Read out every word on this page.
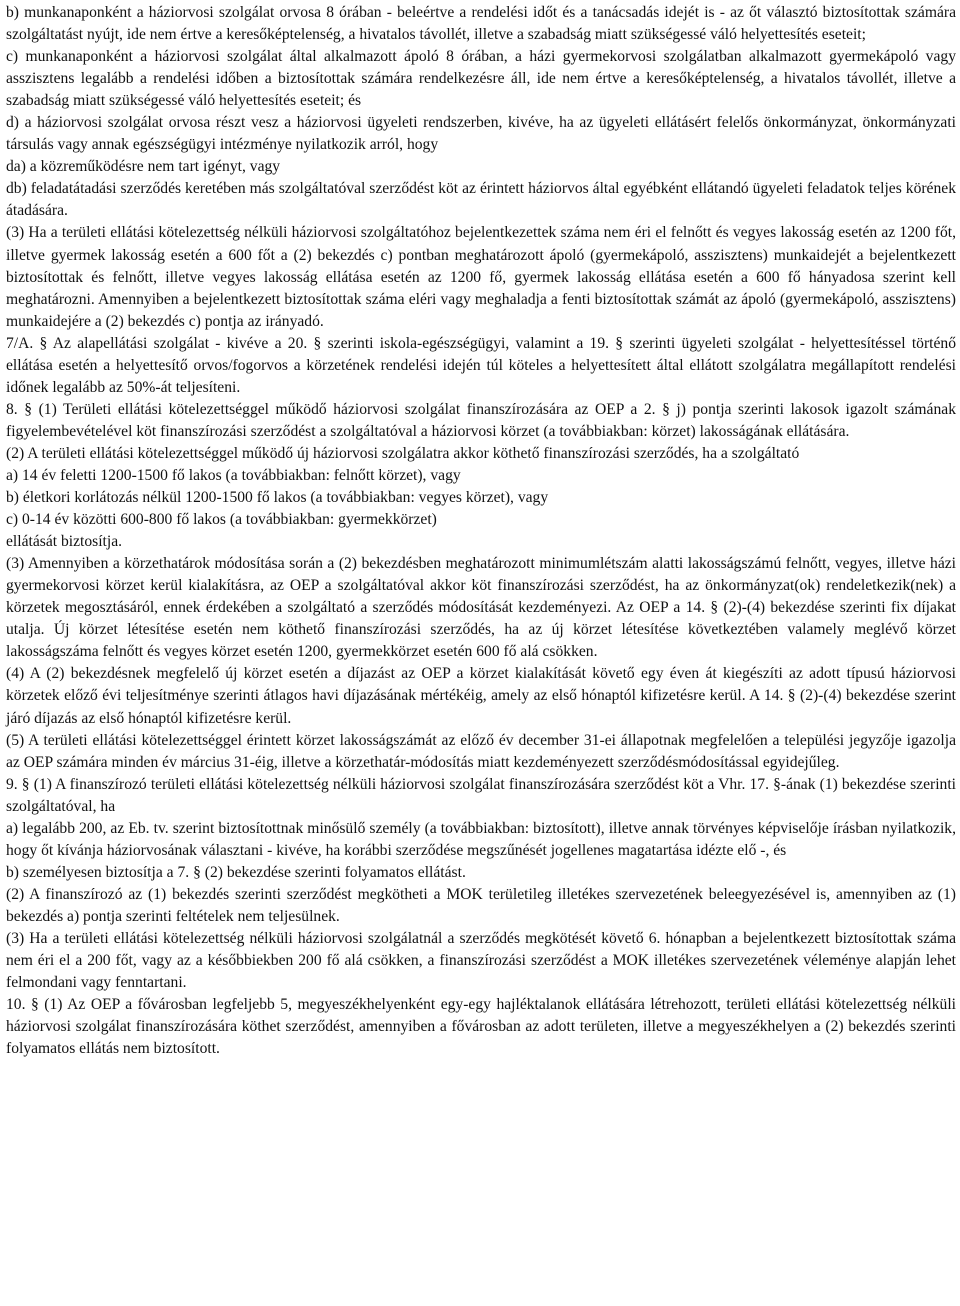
b) munkanaponként a háziorvosi szolgálat orvosa 8 órában - beleértve a rendelési időt és a tanácsadás idejét is - az őt választó biztosítottak számára szolgáltatást nyújt, ide nem értve a keresőképtelenség, a hivatalos távollét, illetve a szabadság miatt szükségessé váló helyettesítés eseteit;

c) munkanaponként a háziorvosi szolgálat által alkalmazott ápoló 8 órában, a házi gyermekorvosi szolgálatban alkalmazott gyermekápoló vagy asszisztens legalább a rendelési időben a biztosítottak számára rendelkezésre áll, ide nem értve a keresőképtelenség, a hivatalos távollét, illetve a szabadság miatt szükségessé váló helyettesítés eseteit; és

d) a háziorvosi szolgálat orvosa részt vesz a háziorvosi ügyeleti rendszerben, kivéve, ha az ügyeleti ellátásért felelős önkormányzat, önkormányzati társulás vagy annak egészségügyi intézménye nyilatkozik arról, hogy

da) a közreműködésre nem tart igényt, vagy

db) feladatátadási szerződés keretében más szolgáltatóval szerződést köt az érintett háziorvos által egyébként ellátandó ügyeleti feladatok teljes körének átadására.

(3) Ha a területi ellátási kötelezettség nélküli háziorvosi szolgáltatóhoz bejelentkezettek száma nem éri el felnőtt és vegyes lakosság esetén az 1200 főt, illetve gyermek lakosság esetén a 600 főt a (2) bekezdés c) pontban meghatározott ápoló (gyermekápoló, asszisztens) munkaidejét a bejelentkezett biztosítottak és felnőtt, illetve vegyes lakosság ellátása esetén az 1200 fő, gyermek lakosság ellátása esetén a 600 fő hányadosa szerint kell meghatározni. Amennyiben a bejelentkezett biztosítottak száma eléri vagy meghaladja a fenti biztosítottak számát az ápoló (gyermekápoló, asszisztens) munkaidejére a (2) bekezdés c) pontja az irányadó.

7/A. § Az alapellátási szolgálat - kivéve a 20. § szerinti iskola-egészségügyi, valamint a 19. § szerinti ügyeleti szolgálat - helyettesítéssel történő ellátása esetén a helyettesítő orvos/fogorvos a körzetének rendelési idején túl köteles a helyettesített által ellátott szolgálatra megállapított rendelési időnek legalább az 50%-át teljesíteni.

8. § (1) Területi ellátási kötelezettséggel működő háziorvosi szolgálat finanszírozására az OEP a 2. § j) pontja szerinti lakosok igazolt számának figyelembevételével köt finanszírozási szerződést a szolgáltatóval a háziorvosi körzet (a továbbiakban: körzet) lakosságának ellátására.

(2) A területi ellátási kötelezettséggel működő új háziorvosi szolgálatra akkor köthető finanszírozási szerződés, ha a szolgáltató

a) 14 év feletti 1200-1500 fő lakos (a továbbiakban: felnőtt körzet), vagy

b) életkori korlátozás nélkül 1200-1500 fő lakos (a továbbiakban: vegyes körzet), vagy

c) 0-14 év közötti 600-800 fő lakos (a továbbiakban: gyermekkörzet)

ellátását biztosítja.

(3) Amennyiben a körzethatárok módosítása során a (2) bekezdésben meghatározott minimumlétszám alatti lakosságszámú felnőtt, vegyes, illetve házi gyermekorvosi körzet kerül kialakításra, az OEP a szolgáltatóval akkor köt finanszírozási szerződést, ha az önkormányzat(ok) rendeletkezik(nek) a körzetek megosztásáról, ennek érdekében a szolgáltató a szerződés módosítását kezdeményezi. Az OEP a 14. § (2)-(4) bekezdése szerinti fix díjakat utalja. Új körzet létesítése esetén nem köthető finanszírozási szerződés, ha az új körzet létesítése következtében valamely meglévő körzet lakosságszáma felnőtt és vegyes körzet esetén 1200, gyermekkörzet esetén 600 fő alá csökken.

(4) A (2) bekezdésnek megfelelő új körzet esetén a díjazást az OEP a körzet kialakítását követő egy éven át kiegészíti az adott típusú háziorvosi körzetek előző évi teljesítménye szerinti átlagos havi díjazásának mértékéig, amely az első hónaptól kifizetésre kerül. A 14. § (2)-(4) bekezdése szerint járó díjazás az első hónaptól kifizetésre kerül.

(5) A területi ellátási kötelezettséggel érintett körzet lakosságszámát az előző év december 31-ei állapotnak megfelelően a települési jegyzője igazolja az OEP számára minden év március 31-éig, illetve a körzethatár-módosítás miatt kezdeményezett szerződésmódosítással egyidejűleg.

9. § (1) A finanszírozó területi ellátási kötelezettség nélküli háziorvosi szolgálat finanszírozására szerződést köt a Vhr. 17. §-ának (1) bekezdése szerinti szolgáltatóval, ha

a) legalább 200, az Eb. tv. szerint biztosítottnak minősülő személy (a továbbiakban: biztosított), illetve annak törvényes képviselője írásban nyilatkozik, hogy őt kívánja háziorvosának választani - kivéve, ha korábbi szerződése megszűnését jogellenes magatartása idézte elő -, és

b) személyesen biztosítja a 7. § (2) bekezdése szerinti folyamatos ellátást.

(2) A finanszírozó az (1) bekezdés szerinti szerződést megkötheti a MOK területileg illetékes szervezetének beleegyezésével is, amennyiben az (1) bekezdés a) pontja szerinti feltételek nem teljesülnek.

(3) Ha a területi ellátási kötelezettség nélküli háziorvosi szolgálatnál a szerződés megkötését követő 6. hónapban a bejelentkezett biztosítottak száma nem éri el a 200 főt, vagy az a későbbiekben 200 fő alá csökken, a finanszírozási szerződést a MOK illetékes szervezetének véleménye alapján lehet felmondani vagy fenntartani.

10. § (1) Az OEP a fővárosban legfeljebb 5, megyeszékhelyenként egy-egy hajléktalanok ellátására létrehozott, területi ellátási kötelezettség nélküli háziorvosi szolgálat finanszírozására köthet szerződést, amennyiben a fővárosban az adott területen, illetve a megyeszékhelyen a (2) bekezdés szerinti folyamatos ellátás nem biztosított.
